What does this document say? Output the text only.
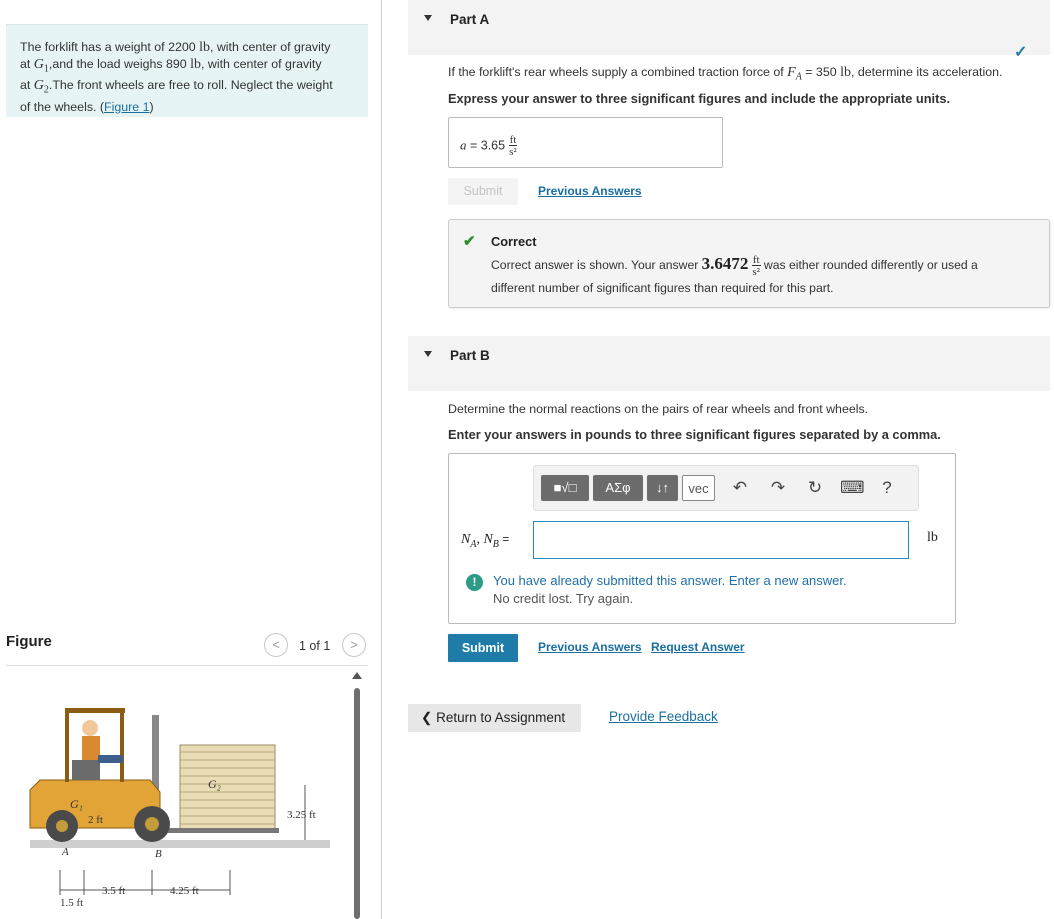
The forklift has a weight of 2200 lb, with center of gravity
at $G_1,and$ the load weighs 890 lb, with center of gravity
at $G_2.The$ front wheels are free to roll. Neglect the weight
of the wheels. (Figure 1)
Figure	<	1 of 1	>
G₁
G₂
2 ft
A	B
3.25 ft
3.5 ft	4.25 ft
1.5 ft
Part A
✓
If the forklift's rear wheels supply a combined traction force of $F_A = 350$ lb, determine its acceleration.
Express your answer to three significant figures and include the appropriate units.
$a = 3.65 \frac{ft}{\text{s²}}$
Submit	Previous Answers
✔ Correct
Correct answer is shown. Your answer $3.6472 \frac{ft}{\text{s²}}$ was either rounded differently or used a
different number of significant figures than required for this part.
Part B
Determine the normal reactions on the pairs of rear wheels and front wheels.
Enter your answers in pounds to three significant figures separated by a comma.
■√□	AΣφ	↓↑	vec	↶ ↷ ↻ ⌨	?
$N_A$, $N_B$ =	lb
!	You have already submitted this answer. Enter a new answer.
No credit lost. Try again.
Submit	Previous Answers Request Answer
❮ Return to Assignment	Provide Feedback
